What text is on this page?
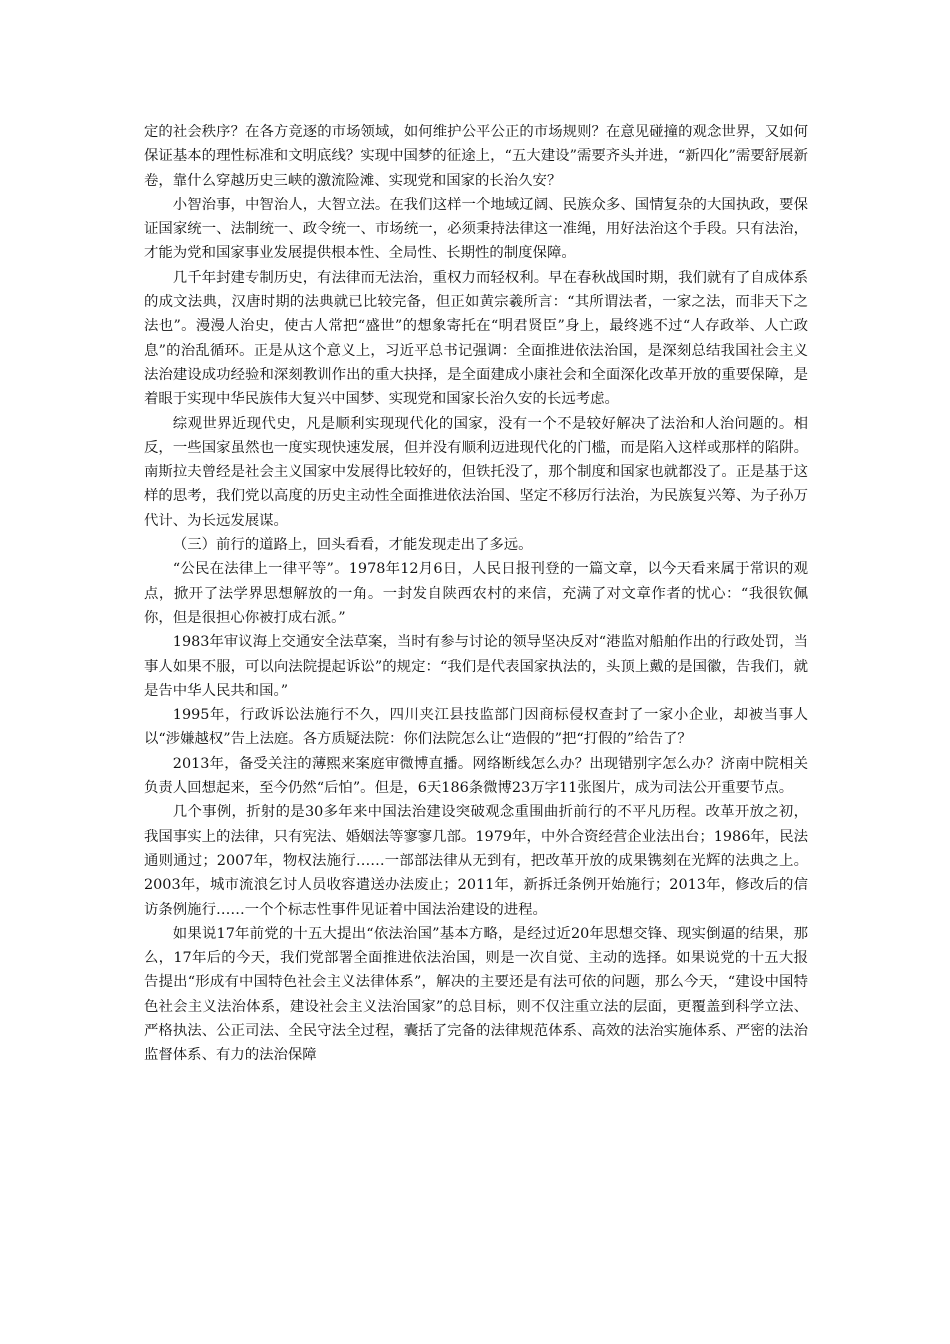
定的社会秩序？在各方竞逐的市场领域，如何维护公平公正的市场规则？在意见碰撞的观念世界，又如何保证基本的理性标准和文明底线？实现中国梦的征途上，“五大建设”需要齐头并进，“新四化”需要舒展新卷，靠什么穿越历史三峡的激流险滩、实现党和国家的长治久安？

小智治事，中智治人，大智立法。在我们这样一个地域辽阔、民族众多、国情复杂的大国执政，要保证国家统一、法制统一、政令统一、市场统一，必须秉持法律这一准绳，用好法治这个手段。只有法治，才能为党和国家事业发展提供根本性、全局性、长期性的制度保障。

几千年封建专制历史，有法律而无法治，重权力而轻权利。早在春秋战国时期，我们就有了自成体系的成文法典，汉唐时期的法典就已比较完备，但正如黄宗羲所言：“其所谓法者，一家之法，而非天下之法也”。漫漫人治史，使古人常把“盛世”的想象寄托在“明君贤臣”身上，最终逃不过“人存政举、人亡政息”的治乱循环。正是从这个意义上，习近平总书记强调：全面推进依法治国，是深刻总结我国社会主义法治建设成功经验和深刻教训作出的重大抉择，是全面建成小康社会和全面深化改革开放的重要保障，是着眼于实现中华民族伟大复兴中国梦、实现党和国家长治久安的长远考虑。

综观世界近现代史，凡是顺利实现现代化的国家，没有一个不是较好解决了法治和人治问题的。相反，一些国家虽然也一度实现快速发展，但并没有顺利迈进现代化的门槛，而是陷入这样或那样的陷阱。南斯拉夫曾经是社会主义国家中发展得比较好的，但铁托没了，那个制度和国家也就都没了。正是基于这样的思考，我们党以高度的历史主动性全面推进依法治国、坚定不移厉行法治，为民族复兴筹、为子孙万代计、为长远发展谋。

（三）前行的道路上，回头看看，才能发现走出了多远。

“公民在法律上一律平等”。1978年12月6日，人民日报刊登的一篇文章，以今天看来属于常识的观点，掀开了法学界思想解放的一角。一封发自陕西农村的来信，充满了对文章作者的忧心：“我很钦佩你，但是很担心你被打成右派。”

1983年审议海上交通安全法草案，当时有参与讨论的领导坚决反对“港监对船舶作出的行政处罚，当事人如果不服，可以向法院提起诉讼”的规定：“我们是代表国家执法的，头顶上戴的是国徽，告我们，就是告中华人民共和国。”

1995年，行政诉讼法施行不久，四川夹江县技监部门因商标侵权查封了一家小企业，却被当事人以“涉嫌越权”告上法庭。各方质疑法院：你们法院怎么让“造假的”把“打假的”给告了？

2013年，备受关注的薄熙来案庭审微博直播。网络断线怎么办？出现错别字怎么办？济南中院相关负责人回想起来，至今仍然“后怕”。但是，6天186条微博23万字11张图片，成为司法公开重要节点。

几个事例，折射的是30多年来中国法治建设突破观念重围曲折前行的不平凡历程。改革开放之初，我国事实上的法律，只有宪法、婚姻法等寥寥几部。1979年，中外合资经营企业法出台；1986年，民法通则通过；2007年，物权法施行……一部部法律从无到有，把改革开放的成果镌刻在光辉的法典之上。2003年，城市流浪乞讨人员收容遣送办法废止；2011年，新拆迁条例开始施行；2013年，修改后的信访条例施行……一个个标志性事件见证着中国法治建设的进程。

如果说17年前党的十五大提出“依法治国”基本方略，是经过近20年思想交锋、现实倒逼的结果，那么，17年后的今天，我们党部署全面推进依法治国，则是一次自觉、主动的选择。如果说党的十五大报告提出“形成有中国特色社会主义法律体系”，解决的主要还是有法可依的问题，那么今天，“建设中国特色社会主义法治体系，建设社会主义法治国家”的总目标，则不仅注重立法的层面，更覆盖到科学立法、严格执法、公正司法、全民守法全过程，囊括了完备的法律规范体系、高效的法治实施体系、严密的法治监督体系、有力的法治保障
